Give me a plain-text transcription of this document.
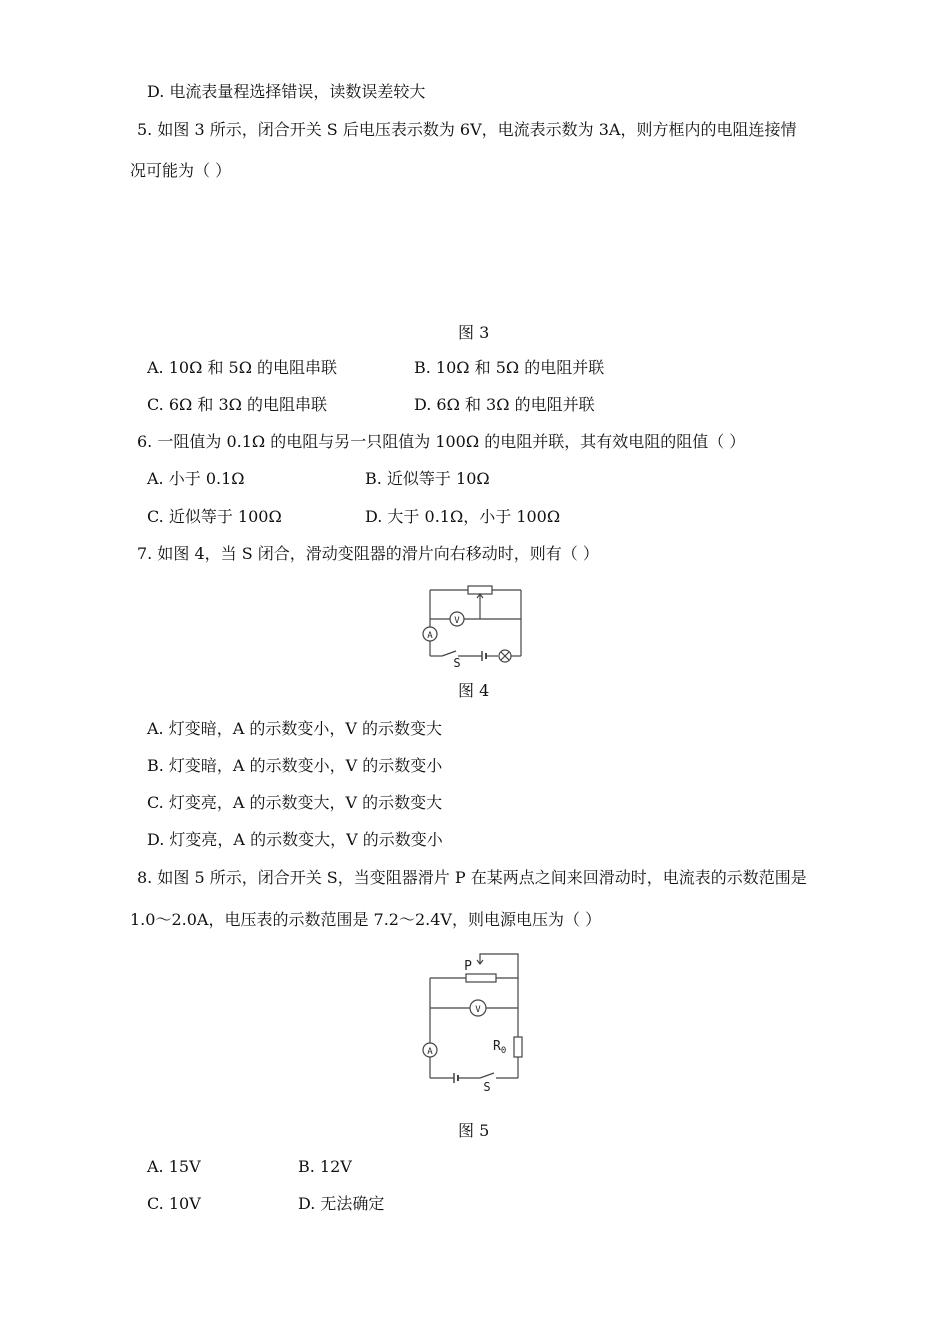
D. 电流表量程选择错误，读数误差较大
5. 如图 3 所示，闭合开关 S 后电压表示数为 6V，电流表示数为 3A，则方框内的电阻连接情
况可能为（ ）
图 3
A. 10Ω 和 5Ω 的电阻串联	B. 10Ω 和 5Ω 的电阻并联
C. 6Ω 和 3Ω 的电阻串联	D. 6Ω 和 3Ω 的电阻并联
6. 一阻值为 0.1Ω 的电阻与另一只阻值为 100Ω 的电阻并联，其有效电阻的阻值（ ）
A. 小于 0.1Ω	B. 近似等于 10Ω
C. 近似等于 100Ω	D. 大于 0.1Ω，小于 100Ω
7. 如图 4，当 S 闭合，滑动变阻器的滑片向右移动时，则有（ ）
V
A
S
图 4
A. 灯变暗，A 的示数变小，V 的示数变大
B. 灯变暗，A 的示数变小，V 的示数变小
C. 灯变亮，A 的示数变大，V 的示数变大
D. 灯变亮，A 的示数变大，V 的示数变小
8. 如图 5 所示，闭合开关 S，当变阻器滑片 P 在某两点之间来回滑动时，电流表的示数范围是
1.0～2.0A，电压表的示数范围是 7.2～2.4V，则电源电压为（ ）
P
V
A	$R_0$
S
图 5
A. 15V	B. 12V
C. 10V	D. 无法确定
